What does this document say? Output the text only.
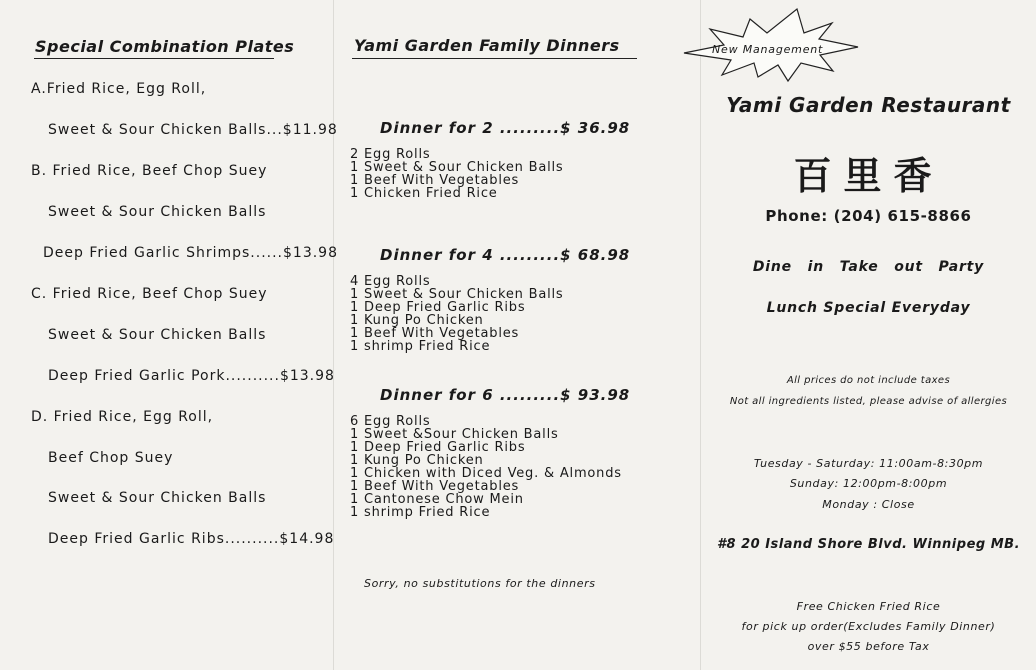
Special Combination Plates
A.Fried Rice, Egg Roll,
Sweet & Sour Chicken Balls...$11.98
B. Fried Rice, Beef Chop Suey
Sweet & Sour Chicken Balls
Deep Fried Garlic Shrimps......$13.98
C. Fried Rice, Beef Chop Suey
Sweet & Sour Chicken Balls
Deep Fried Garlic Pork..........$13.98
D. Fried Rice, Egg Roll,
Beef Chop Suey
Sweet & Sour Chicken Balls
Deep Fried Garlic Ribs..........$14.98
Yami Garden Family Dinners
Dinner for 2 .........$ 36.98
2 Egg Rolls
1 Sweet & Sour Chicken Balls
1 Beef With Vegetables
1 Chicken Fried Rice
Dinner for 4 .........$ 68.98
4 Egg Rolls
1 Sweet & Sour Chicken Balls
1 Deep Fried Garlic Ribs
1 Kung Po Chicken
1 Beef With Vegetables
1 shrimp Fried Rice
Dinner for 6 .........$ 93.98
6 Egg Rolls
1 Sweet &Sour Chicken Balls
1 Deep Fried Garlic Ribs
1 Kung Po Chicken
1 Chicken with Diced Veg. & Almonds
1 Beef With Vegetables
1 Cantonese Chow Mein
1 shrimp Fried Rice
Sorry, no substitutions for the dinners
New Management
Yami Garden Restaurant
百里香
Phone: (204) 615-8866
Dine in Take out Party
Lunch Special Everyday
All prices do not include taxes
Not all ingredients listed, please advise of allergies
Tuesday - Saturday: 11:00am-8:30pm
Sunday: 12:00pm-8:00pm
Monday : Close
#8 20 Island Shore Blvd. Winnipeg MB.
Free Chicken Fried Rice
for pick up order(Excludes Family Dinner)
over $55 before Tax
